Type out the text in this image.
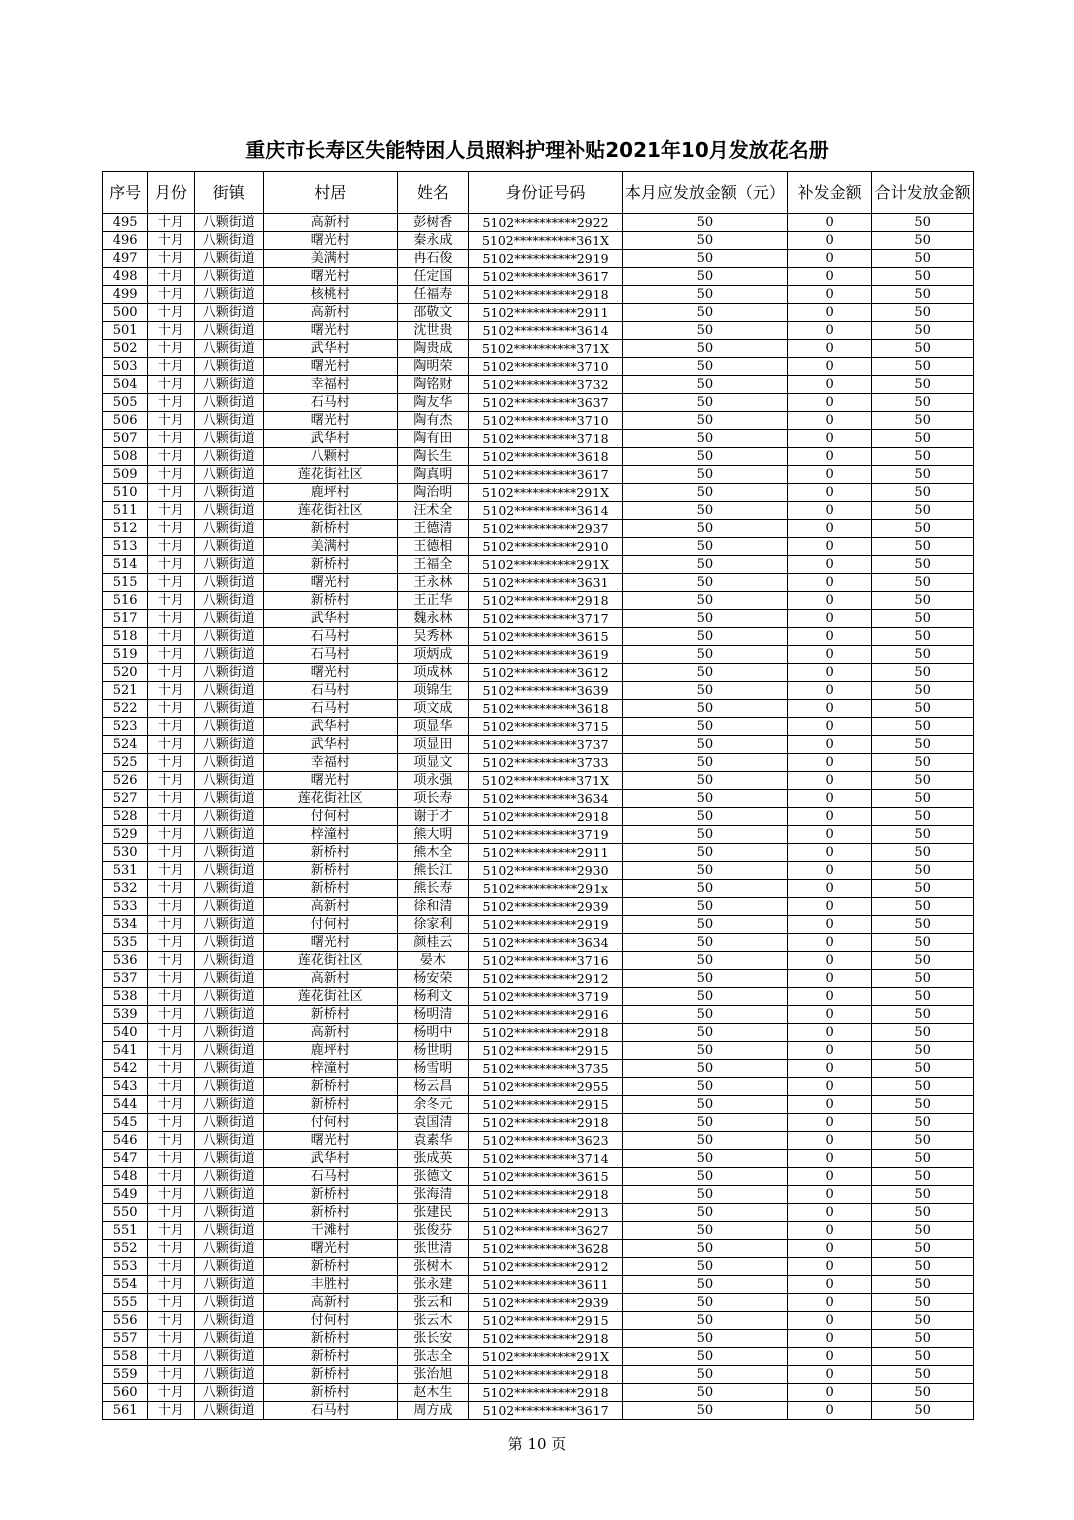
重庆市长寿区失能特困人员照料护理补贴2021年10月发放花名册
序号	月份	街镇	村居	姓名	身份证号码	本月应发放金额（元）	补发金额	合计发放金额
495	十月	八颗街道	高新村	彭树香	5102**********2922	50	0	50
496	十月	八颗街道	曙光村	秦永成	5102**********361X	50	0	50
497	十月	八颗街道	美满村	冉石俊	5102**********2919	50	0	50
498	十月	八颗街道	曙光村	任定国	5102**********3617	50	0	50
499	十月	八颗街道	核桃村	任福寿	5102**********2918	50	0	50
500	十月	八颗街道	高新村	邵敬文	5102**********2911	50	0	50
501	十月	八颗街道	曙光村	沈世贵	5102**********3614	50	0	50
502	十月	八颗街道	武华村	陶贵成	5102**********371X	50	0	50
503	十月	八颗街道	曙光村	陶明荣	5102**********3710	50	0	50
504	十月	八颗街道	幸福村	陶铭财	5102**********3732	50	0	50
505	十月	八颗街道	石马村	陶友华	5102**********3637	50	0	50
506	十月	八颗街道	曙光村	陶有杰	5102**********3710	50	0	50
507	十月	八颗街道	武华村	陶有田	5102**********3718	50	0	50
508	十月	八颗街道	八颗村	陶长生	5102**********3618	50	0	50
509	十月	八颗街道	莲花街社区	陶真明	5102**********3617	50	0	50
510	十月	八颗街道	鹿坪村	陶治明	5102**********291X	50	0	50
511	十月	八颗街道	莲花街社区	汪术全	5102**********3614	50	0	50
512	十月	八颗街道	新桥村	王德清	5102**********2937	50	0	50
513	十月	八颗街道	美满村	王德相	5102**********2910	50	0	50
514	十月	八颗街道	新桥村	王福全	5102**********291X	50	0	50
515	十月	八颗街道	曙光村	王永林	5102**********3631	50	0	50
516	十月	八颗街道	新桥村	王正华	5102**********2918	50	0	50
517	十月	八颗街道	武华村	魏永林	5102**********3717	50	0	50
518	十月	八颗街道	石马村	吴秀林	5102**********3615	50	0	50
519	十月	八颗街道	石马村	项炳成	5102**********3619	50	0	50
520	十月	八颗街道	曙光村	项成林	5102**********3612	50	0	50
521	十月	八颗街道	石马村	项锦生	5102**********3639	50	0	50
522	十月	八颗街道	石马村	项文成	5102**********3618	50	0	50
523	十月	八颗街道	武华村	项显华	5102**********3715	50	0	50
524	十月	八颗街道	武华村	项显田	5102**********3737	50	0	50
525	十月	八颗街道	幸福村	项显文	5102**********3733	50	0	50
526	十月	八颗街道	曙光村	项永强	5102**********371X	50	0	50
527	十月	八颗街道	莲花街社区	项长寿	5102**********3634	50	0	50
528	十月	八颗街道	付何村	谢于才	5102**********2918	50	0	50
529	十月	八颗街道	梓潼村	熊大明	5102**********3719	50	0	50
530	十月	八颗街道	新桥村	熊木全	5102**********2911	50	0	50
531	十月	八颗街道	新桥村	熊长江	5102**********2930	50	0	50
532	十月	八颗街道	新桥村	熊长寿	5102**********291x	50	0	50
533	十月	八颗街道	高新村	徐和清	5102**********2939	50	0	50
534	十月	八颗街道	付何村	徐家利	5102**********2919	50	0	50
535	十月	八颗街道	曙光村	颜桂云	5102**********3634	50	0	50
536	十月	八颗街道	莲花街社区	晏木	5102**********3716	50	0	50
537	十月	八颗街道	高新村	杨安荣	5102**********2912	50	0	50
538	十月	八颗街道	莲花街社区	杨利文	5102**********3719	50	0	50
539	十月	八颗街道	新桥村	杨明清	5102**********2916	50	0	50
540	十月	八颗街道	高新村	杨明中	5102**********2918	50	0	50
541	十月	八颗街道	鹿坪村	杨世明	5102**********2915	50	0	50
542	十月	八颗街道	梓潼村	杨雪明	5102**********3735	50	0	50
543	十月	八颗街道	新桥村	杨云昌	5102**********2955	50	0	50
544	十月	八颗街道	新桥村	余冬元	5102**********2915	50	0	50
545	十月	八颗街道	付何村	袁国清	5102**********2918	50	0	50
546	十月	八颗街道	曙光村	袁素华	5102**********3623	50	0	50
547	十月	八颗街道	武华村	张成英	5102**********3714	50	0	50
548	十月	八颗街道	石马村	张德文	5102**********3615	50	0	50
549	十月	八颗街道	新桥村	张海清	5102**********2918	50	0	50
550	十月	八颗街道	新桥村	张建民	5102**********2913	50	0	50
551	十月	八颗街道	干滩村	张俊芬	5102**********3627	50	0	50
552	十月	八颗街道	曙光村	张世清	5102**********3628	50	0	50
553	十月	八颗街道	新桥村	张树木	5102**********2912	50	0	50
554	十月	八颗街道	丰胜村	张永建	5102**********3611	50	0	50
555	十月	八颗街道	高新村	张云和	5102**********2939	50	0	50
556	十月	八颗街道	付何村	张云木	5102**********2915	50	0	50
557	十月	八颗街道	新桥村	张长安	5102**********2918	50	0	50
558	十月	八颗街道	新桥村	张志全	5102**********291X	50	0	50
559	十月	八颗街道	新桥村	张治旭	5102**********2918	50	0	50
560	十月	八颗街道	新桥村	赵木生	5102**********2918	50	0	50
561	十月	八颗街道	石马村	周方成	5102**********3617	50	0	50
第 10 页
